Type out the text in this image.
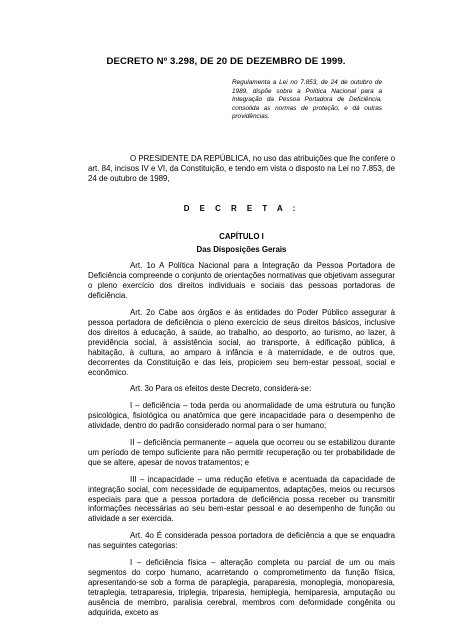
DECRETO Nº 3.298, DE 20 DE DEZEMBRO DE 1999.
Regulamenta a Lei no 7.853, de 24 de outubro de 1989, dispõe sobre a Política Nacional para a Integração da Pessoa Portadora de Deficiência, consolida as normas de proteção, e dá outras providências.

O PRESIDENTE DA REPÚBLICA, no uso das atribuições que lhe confere o art. 84, incisos IV e VI, da Constituição, e tendo em vista o disposto na Lei no 7.853, de 24 de outubro de 1989,

D E C R E T A :

CAPÍTULO I

Das Disposições Gerais

Art. 1o A Política Nacional para a Integração da Pessoa Portadora de Deficiência compreende o conjunto de orientações normativas que objetivam assegurar o pleno exercício dos direitos individuais e sociais das pessoas portadoras de deficiência.

Art. 2o Cabe aos órgãos e às entidades do Poder Público assegurar à pessoa portadora de deficiência o pleno exercício de seus direitos básicos, inclusive dos direitos à educação, à saúde, ao trabalho, ao desporto, ao turismo, ao lazer, à previdência social, à assistência social, ao transporte, à edificação pública, à habitação, à cultura, ao amparo à infância e à maternidade, e de outros que, decorrentes da Constituição e das leis, propiciem seu bem-estar pessoal, social e econômico.

Art. 3o Para os efeitos deste Decreto, considera-se:

I – deficiência – toda perda ou anormalidade de uma estrutura ou função psicológica, fisiológica ou anatômica que gere incapacidade para o desempenho de atividade, dentro do padrão considerado normal para o ser humano;

II – deficiência permanente – aquela que ocorreu ou se estabilizou durante um período de tempo suficiente para não permitir recuperação ou ter probabilidade de que se altere, apesar de novos tratamentos; e

III – incapacidade – uma redução efetiva e acentuada da capacidade de integração social, com necessidade de equipamentos, adaptações, meios ou recursos especiais para que a pessoa portadora de deficiência possa receber ou transmitir informações necessárias ao seu bem-estar pessoal e ao desempenho de função ou atividade a ser exercida.

Art. 4o É considerada pessoa portadora de deficiência a que se enquadra nas seguintes categorias:

I – deficiência física – alteração completa ou parcial de um ou mais segmentos do corpo humano, acarretando o comprometimento da função física, apresentando-se sob a forma de paraplegia, paraparesia, monoplegia, monoparesia, tetraplegia, tetraparesia, triplegia, triparesia, hemiplegia, hemiparesia, amputação ou ausência de membro, paralisia cerebral, membros com deformidade congênita ou adquirida, exceto as
